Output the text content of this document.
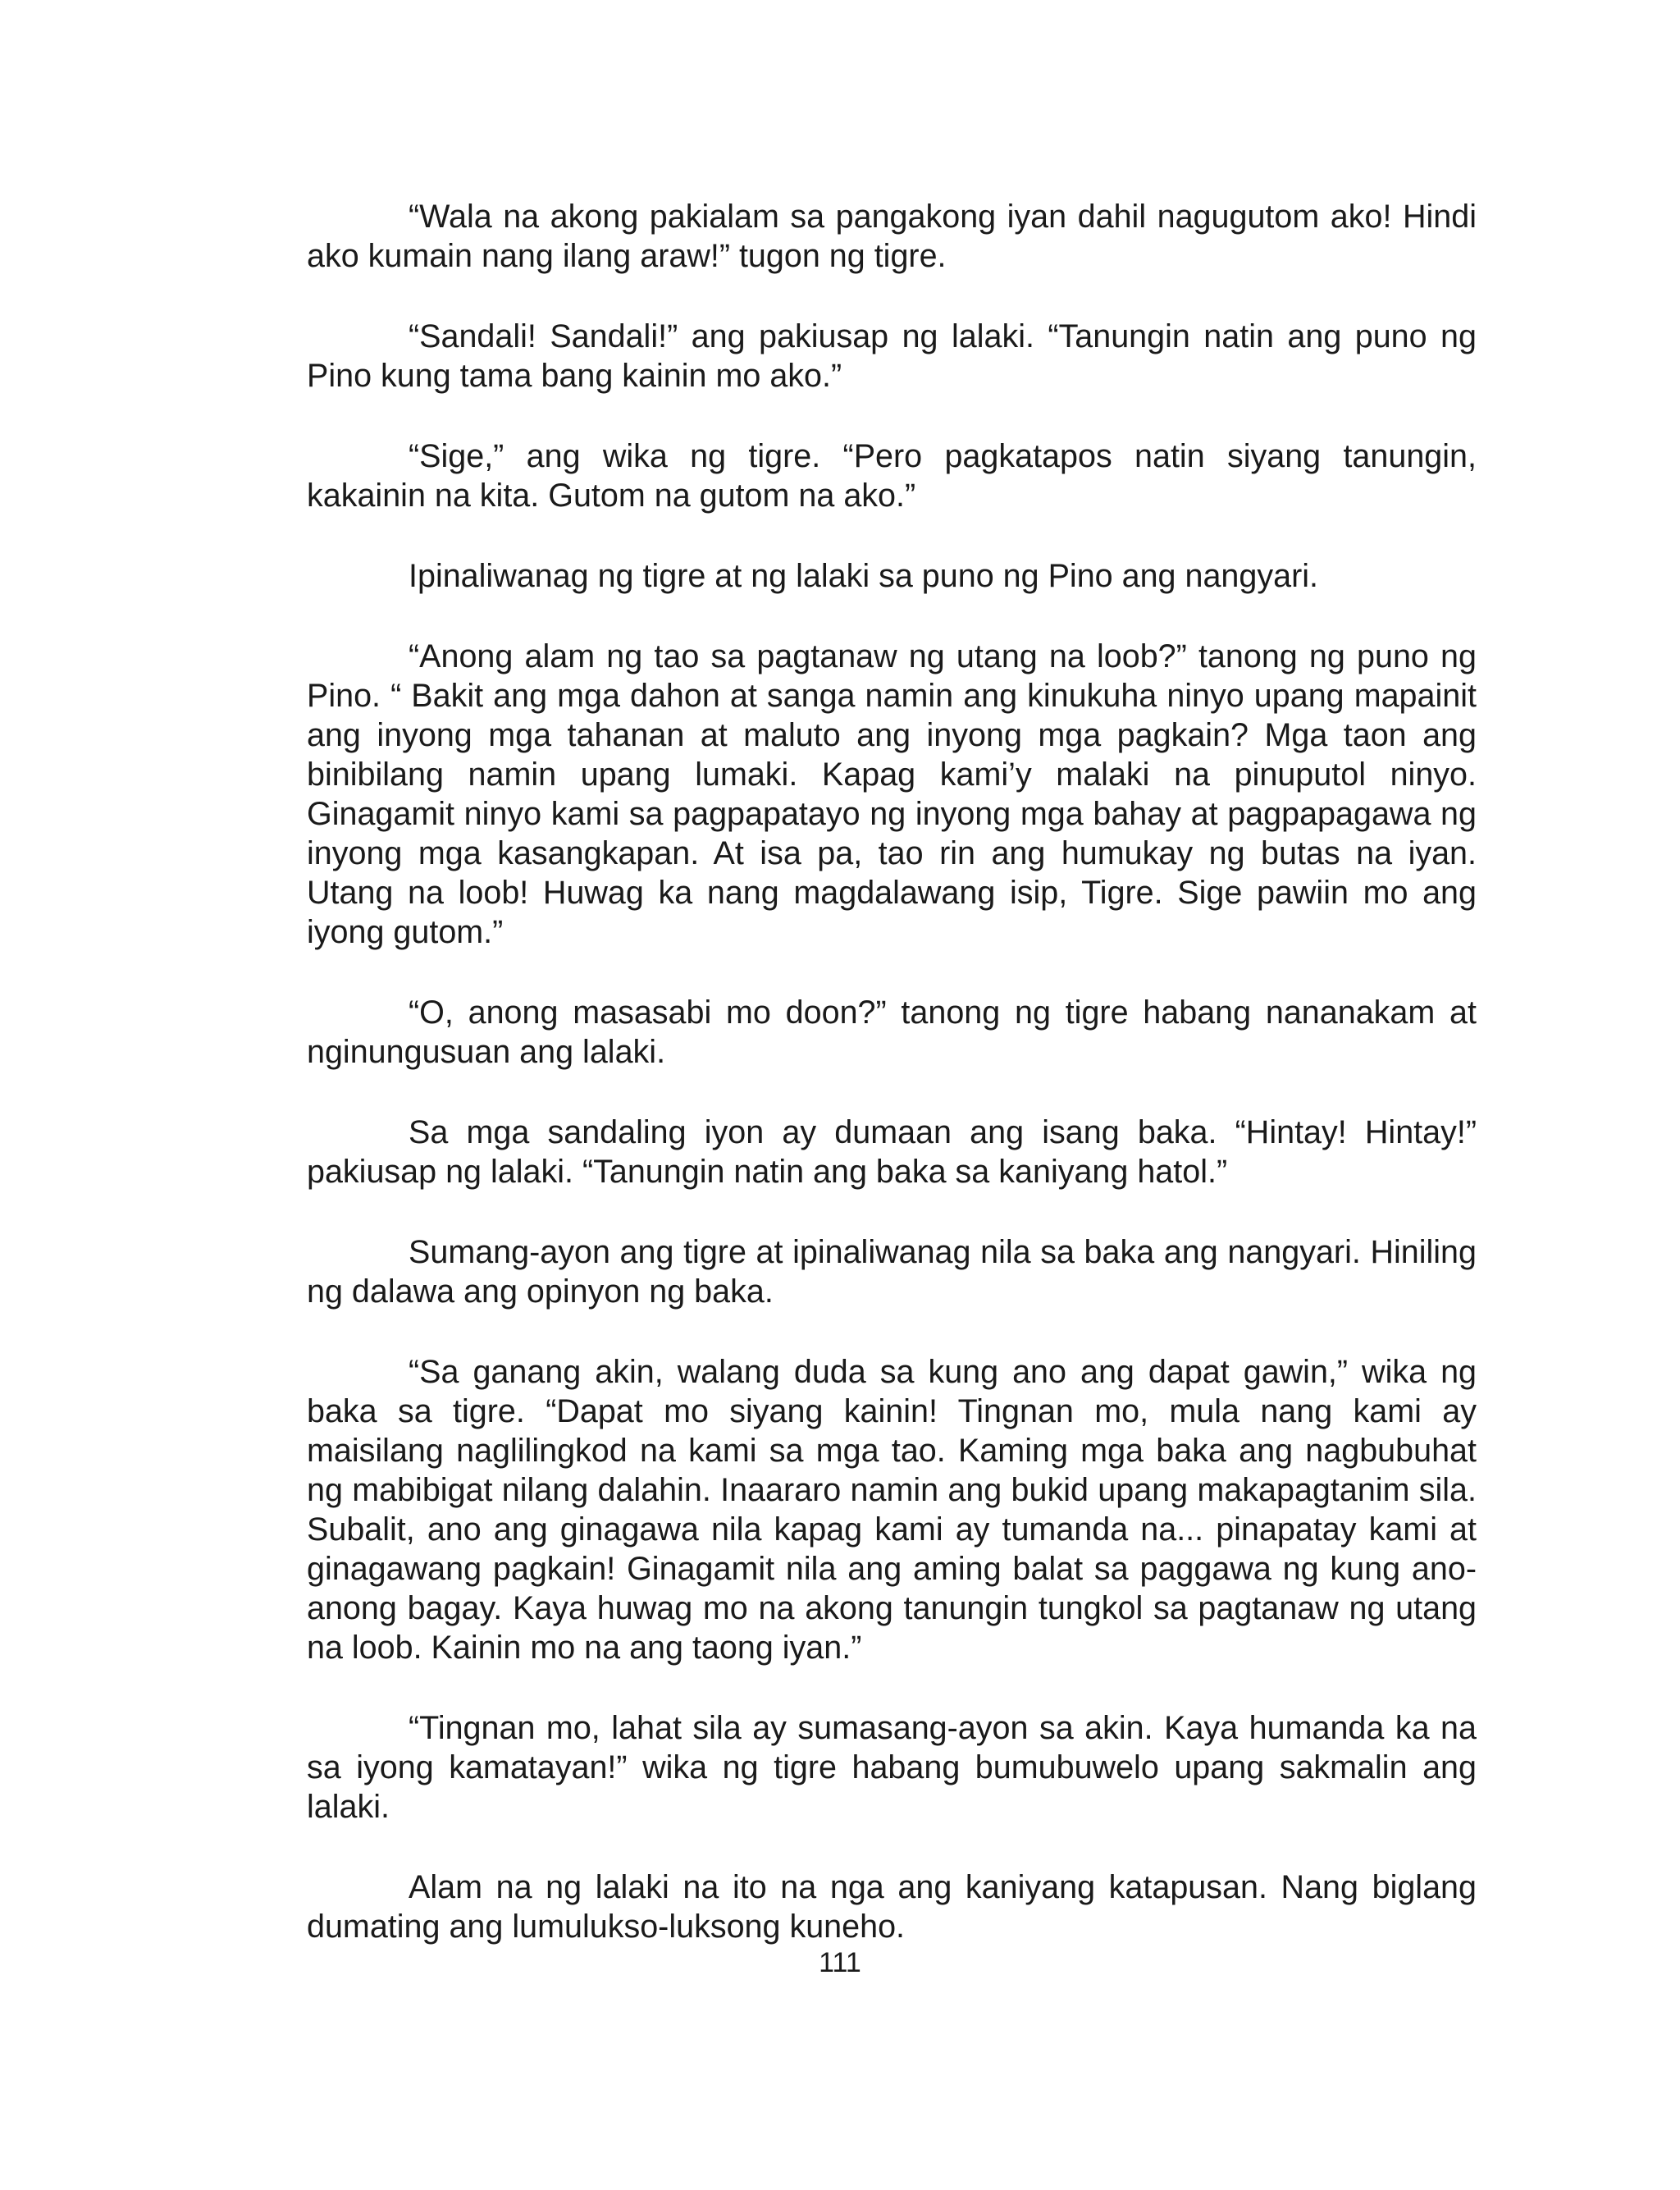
“Wala na akong pakialam sa pangakong iyan dahil nagugutom ako! Hindi ako kumain nang ilang araw!” tugon ng tigre.

“Sandali! Sandali!” ang pakiusap ng lalaki. “Tanungin natin ang puno ng Pino kung tama bang kainin mo ako.”

“Sige,” ang wika ng tigre. “Pero pagkatapos natin siyang tanungin, kakainin na kita. Gutom na gutom na ako.”

Ipinaliwanag ng tigre at ng lalaki sa puno ng Pino ang nangyari.

“Anong alam ng tao sa pagtanaw ng utang na loob?” tanong ng puno ng Pino. “ Bakit ang mga dahon at sanga namin ang kinukuha ninyo upang mapainit ang inyong mga tahanan at maluto ang inyong mga pagkain? Mga taon ang binibilang namin upang lumaki. Kapag kami’y malaki na pinuputol ninyo. Ginagamit ninyo kami sa pagpapatayo ng inyong mga bahay at pagpapagawa ng inyong mga kasangkapan. At isa pa, tao rin ang humukay ng butas na iyan. Utang na loob! Huwag ka nang magdalawang isip, Tigre. Sige pawiin mo ang iyong gutom.”

“O, anong masasabi mo doon?” tanong ng tigre habang nananakam at nginungusuan ang lalaki.

Sa mga sandaling iyon ay dumaan ang isang baka. “Hintay! Hintay!” pakiusap ng lalaki. “Tanungin natin ang baka sa kaniyang hatol.”

Sumang-ayon ang tigre at ipinaliwanag nila sa baka ang nangyari. Hiniling ng dalawa ang opinyon ng baka.

“Sa ganang akin, walang duda sa kung ano ang dapat gawin,” wika ng baka sa tigre. “Dapat mo siyang kainin! Tingnan mo, mula nang kami ay maisilang naglilingkod na kami sa mga tao. Kaming mga baka ang nagbubuhat ng mabibigat nilang dalahin. Inaararo namin ang bukid upang makapagtanim sila. Subalit, ano ang ginagawa nila kapag kami ay tumanda na... pinapatay kami at ginagawang pagkain! Ginagamit nila ang aming balat sa paggawa ng kung ano-anong bagay. Kaya huwag mo na akong tanungin tungkol sa pagtanaw ng utang na loob. Kainin mo na ang taong iyan.”

“Tingnan mo, lahat sila ay sumasang-ayon sa akin. Kaya humanda ka na sa iyong kamatayan!” wika ng tigre habang bumubuwelo upang sakmalin ang lalaki.

Alam na ng lalaki na ito na nga ang kaniyang katapusan. Nang biglang dumating ang lumulukso-luksong kuneho.

111
